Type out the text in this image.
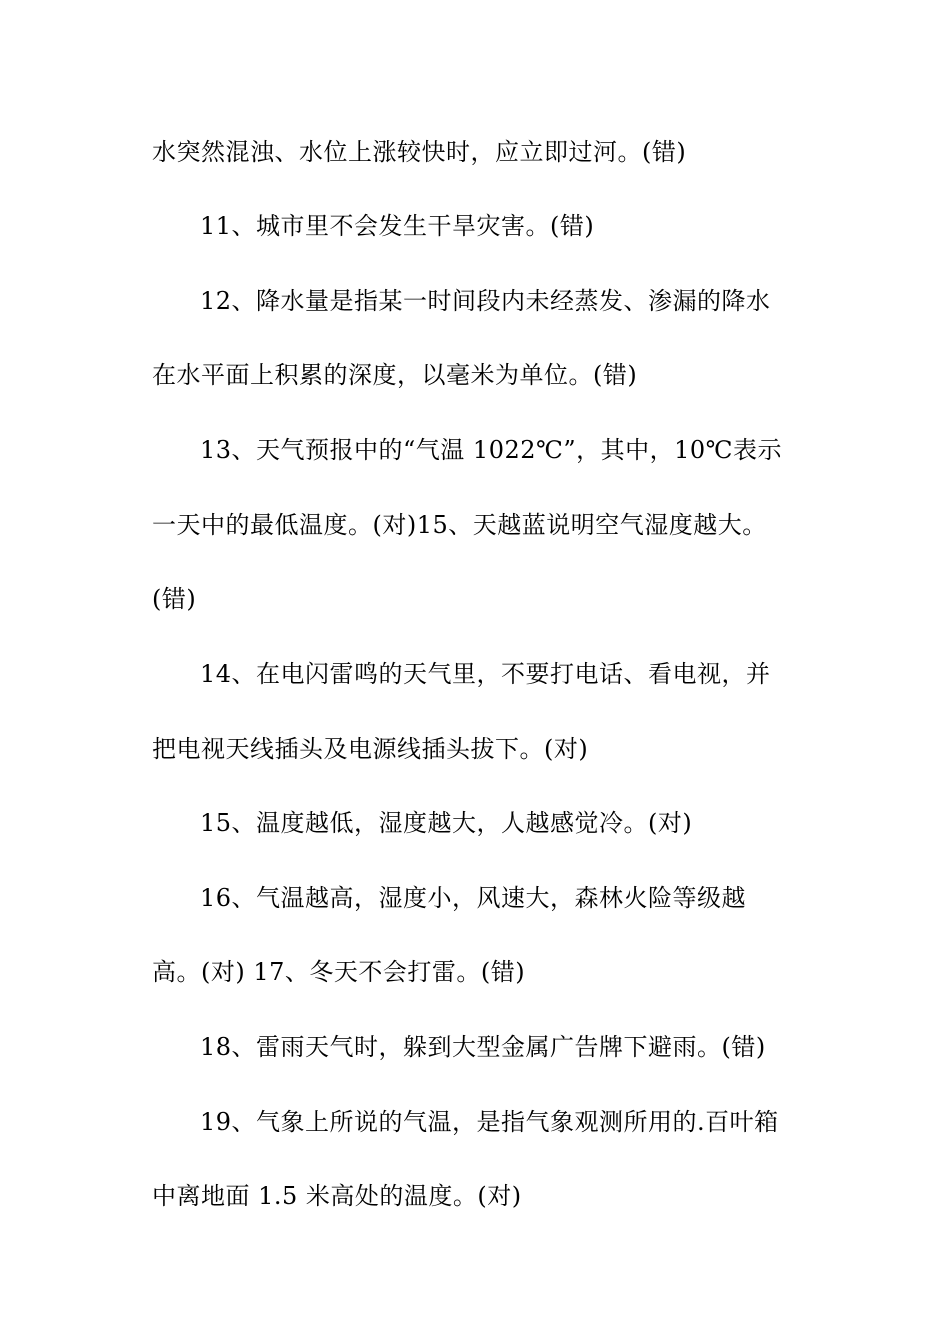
水突然混浊、水位上涨较快时，应立即过河。(错)
11、城市里不会发生干旱灾害。(错)
12、降水量是指某一时间段内未经蒸发、渗漏的降水
在水平面上积累的深度，以毫米为单位。(错)
13、天气预报中的“气温 1022℃”，其中，10℃表示
一天中的最低温度。(对)15、天越蓝说明空气湿度越大。
(错)
14、在电闪雷鸣的天气里，不要打电话、看电视，并
把电视天线插头及电源线插头拔下。(对)
15、温度越低，湿度越大，人越感觉冷。(对)
16、气温越高，湿度小，风速大，森林火险等级越
高。(对) 17、冬天不会打雷。(错)
18、雷雨天气时，躲到大型金属广告牌下避雨。(错)
19、气象上所说的气温，是指气象观测所用的.百叶箱
中离地面 1.5 米高处的温度。(对)
